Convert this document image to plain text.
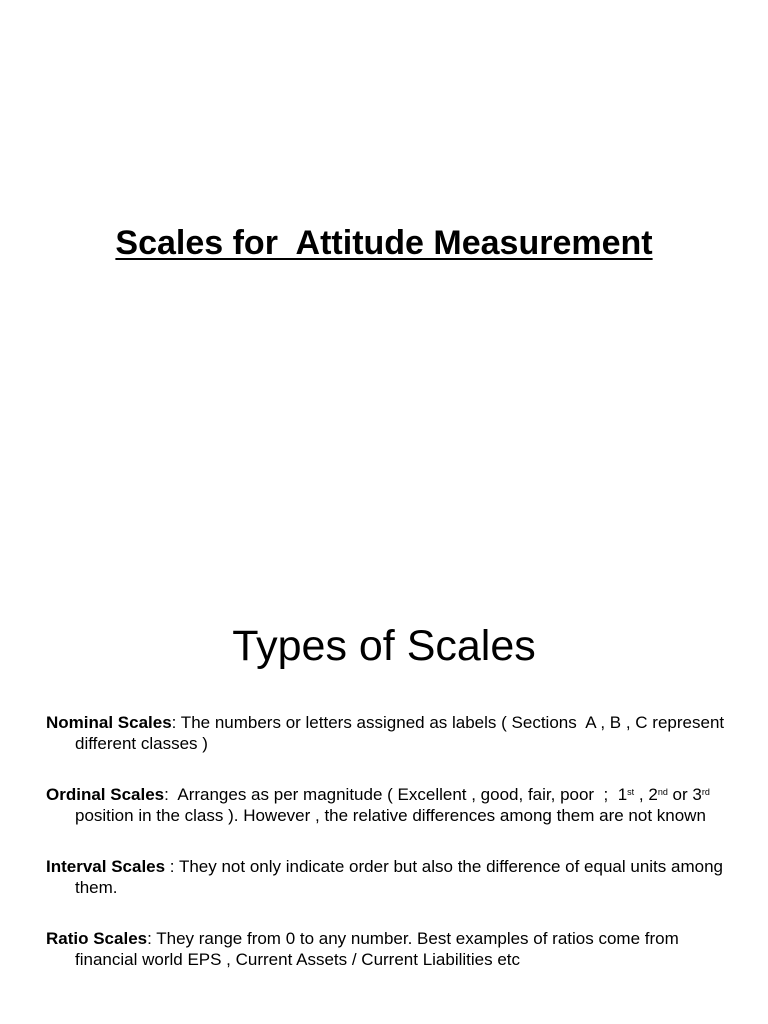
Scales for  Attitude Measurement
Types of Scales
Nominal Scales: The numbers or letters assigned as labels ( Sections  A , B , C represent different classes )
Ordinal Scales:  Arranges as per magnitude ( Excellent , good, fair, poor  ;  1st , 2nd or 3rd position in the class ). However , the relative differences among them are not known
Interval Scales : They not only indicate order but also the difference of equal units among them.
Ratio Scales: They range from 0 to any number. Best examples of ratios come from financial world EPS , Current Assets / Current Liabilities etc
